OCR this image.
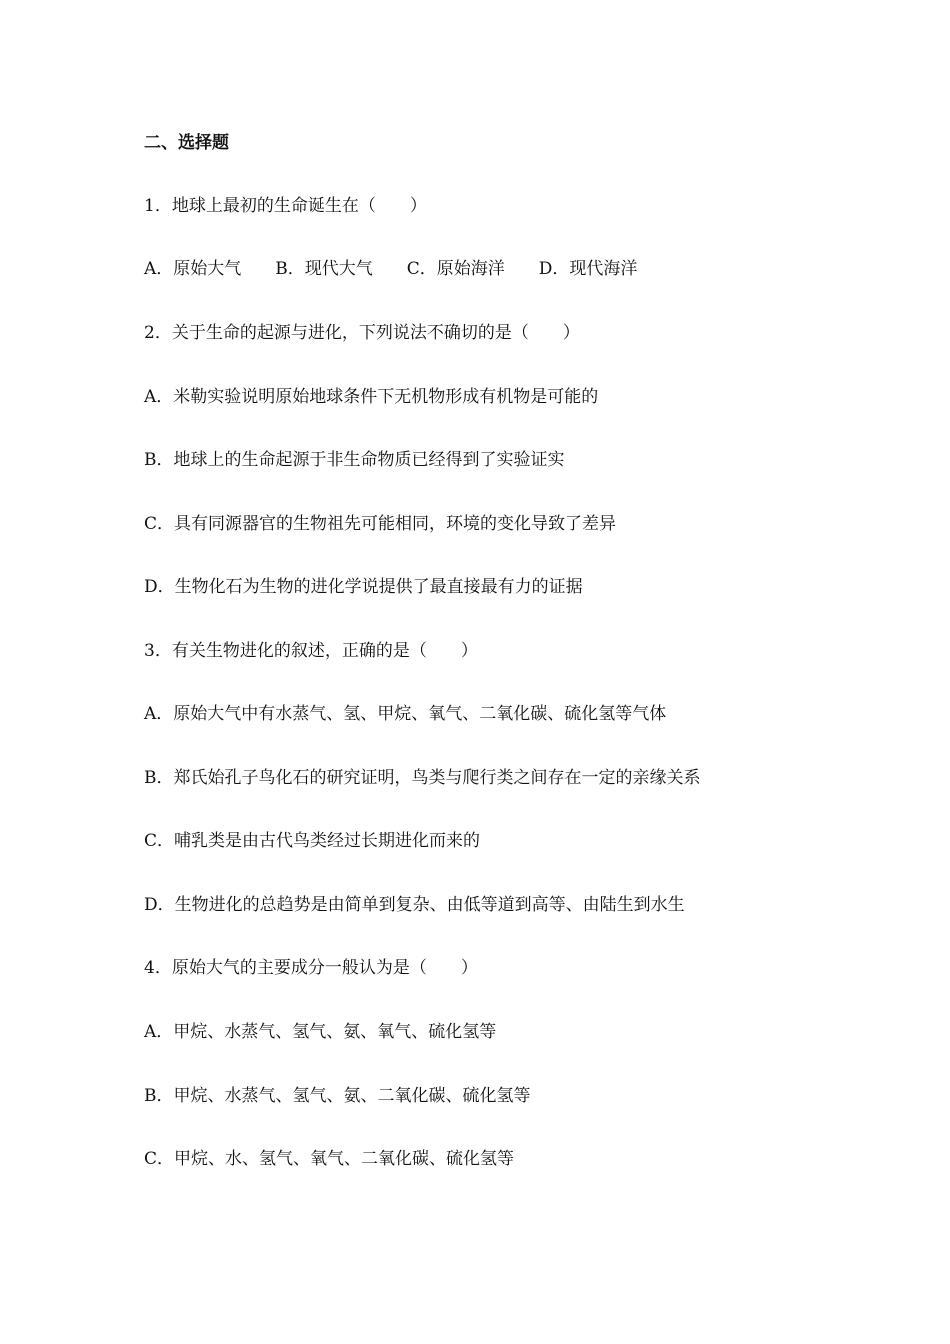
二、选择题
1．地球上最初的生命诞生在（　　）
A．原始大气　　B．现代大气　　C．原始海洋　　D．现代海洋
2．关于生命的起源与进化，下列说法不确切的是（　　）
A．米勒实验说明原始地球条件下无机物形成有机物是可能的
B．地球上的生命起源于非生命物质已经得到了实验证实
C．具有同源器官的生物祖先可能相同，环境的变化导致了差异
D．生物化石为生物的进化学说提供了最直接最有力的证据
3．有关生物进化的叙述，正确的是（　　）
A．原始大气中有水蒸气、氢、甲烷、氧气、二氧化碳、硫化氢等气体
B．郑氏始孔子鸟化石的研究证明，鸟类与爬行类之间存在一定的亲缘关系
C．哺乳类是由古代鸟类经过长期进化而来的
D．生物进化的总趋势是由简单到复杂、由低等道到高等、由陆生到水生
4．原始大气的主要成分一般认为是（　　）
A．甲烷、水蒸气、氢气、氨、氧气、硫化氢等
B．甲烷、水蒸气、氢气、氨、二氧化碳、硫化氢等
C．甲烷、水、氢气、氧气、二氧化碳、硫化氢等
